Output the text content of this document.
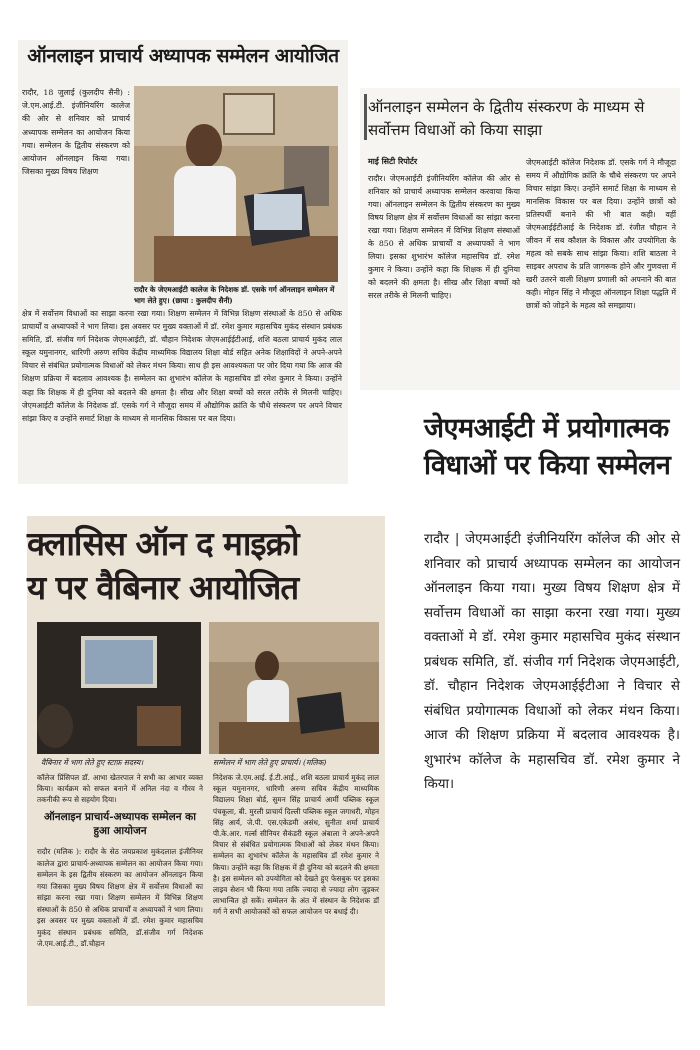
ऑनलाइन प्राचार्य अध्यापक सम्मेलन आयोजित
रादौर, 18 जुलाई (कुलदीप सैनी) : जे.एम.आई.टी. इंजीनियरिंग कालेज की ओर से शनिवार को प्राचार्य अध्यापक सम्मेलन का आयोजन किया गया। सम्मेलन के द्वितीय संस्करण को आयोजन ऑनलाइन किया गया। जिसका मुख्य विषय शिक्षण
रादौर के जेएमआईटी कालेज के निदेशक डॉ. एसके गर्ग ऑनलाइन सम्मेलन में भाग लेते हुए। (छाया : कुलदीप सैनी)
क्षेत्र में सर्वोत्तम विधाओं का साझा करना रखा गया। शिक्षण सम्मेलन में विभिन्न शिक्षण संस्थाओं के 850 से अधिक प्राचार्यों व अध्यापकों ने भाग लिया। इस अवसर पर मुख्य वक्ताओं में डॉ. रमेश कुमार महासचिव मुकंद संस्थान प्रबंधक समिति, डॉ. संजीव गर्ग निदेशक जेएमआईटी, डॉ. चौहान निदेशक जेएमआईईटीआई, शशि बठला प्राचार्य मुकंद लाल स्कूल यमुनानगर, धारिणी अरुण सचिव केंद्रीय माध्यमिक विद्यालय शिक्षा बोर्ड सहित अनेक शिक्षाविदों ने अपने-अपने विचार से संबंधित प्रयोगात्मक विधाओं को लेकर मंथन किया। साथ ही इस आवश्यकता पर जोर दिया गया कि आज की शिक्षण प्रक्रिया में बदलाव आवश्यक है। सम्मेलन का शुभारंभ कॉलेज के महासचिव डॉ रमेश कुमार ने किया। उन्होंने कहा कि शिक्षक में ही दुनिया को बदलने की क्षमता है। सीख और शिक्षा बच्चों को सरल तरीके से मिलनी चाहिए। जेएमआईटी कॉलेज के निदेशक डॉ. एसके गर्ग ने मौजूदा समय में औद्योगिक क्रांति के चौथे संस्करण पर अपने विचार सांझा किए व उन्होंने समार्ट शिक्षा के माध्यम से मानसिक विकास पर बल दिया।
ऑनलाइन सम्मेलन के द्वितीय संस्करण के माध्यम से सर्वोत्तम विधाओं को किया साझा
माई सिटी रिपोर्टर
रादौर। जेएमआईटी इंजीनियरिंग कॉलेज की ओर से शनिवार को प्राचार्य अध्यापक सम्मेलन करवाया किया गया। ऑनलाइन सम्मेलन के द्वितीय संस्करण का मुख्य विषय शिक्षण क्षेत्र में सर्वोत्तम विधाओं का सांझा करना रखा गया। शिक्षण सम्मेलन में विभिन्न शिक्षण संस्थाओं के 850 से अधिक प्राचार्यों व अध्यापकों ने भाग लिया। इसका शुभारंभ कॉलेज महासचिव डॉ. रमेश कुमार ने किया। उन्होंने कहा कि शिक्षक में ही दुनिया को बदलने की क्षमता है। सीख और शिक्षा बच्चों को सरल तरीके से मिलनी चाहिए।
जेएमआईटी कॉलेज निदेशक डॉ. एसके गर्ग ने मौजूदा समय में औद्योगिक क्रांति के चौथे संस्करण पर अपने विचार सांझा किए। उन्होंने समार्ट शिक्षा के माध्यम से मानसिक विकास पर बल दिया। उन्होंने छात्रों को प्रतिस्पर्धी बनाने की भी बात कही। वहीं जेएमआईईटीआई के निदेशक डॉ. रंजीत चौहान ने जीवन में सब कौशल के विकास और उपयोगिता के महत्व को सबके साथ सांझा किया। शशि बाठला ने साइबर अपराध के प्रति जागरूक होने और गुणवत्ता में खरी उतरने वाली शिक्षण प्रणाली को अपनाने की बात कही। मोहन सिंह ने मौजूदा ऑनलाइन शिक्षा पद्धति में छात्रों को जोड़ने के महत्व को समझाया।
जेएमआईटी में प्रयोगात्मक विधाओं पर किया सम्मेलन
रादौर | जेएमआईटी इंजीनियरिंग कॉलेज की ओर से शनिवार को प्राचार्य अध्यापक सम्मेलन का आयोजन ऑनलाइन किया गया। मुख्य विषय शिक्षण क्षेत्र में सर्वोत्तम विधाओं का साझा करना रखा गया। मुख्य वक्ताओं मे डॉ. रमेश कुमार महासचिव मुकंद संस्थान प्रबंधक समिति, डॉ. संजीव गर्ग निदेशक जेएमआईटी, डॉ. चौहान निदेशक जेएमआईईटीआ ने विचार से संबंधित प्रयोगात्मक विधाओं को लेकर मंथन किया। आज की शिक्षण प्रक्रिया में बदलाव आवश्यक है। शुभारंभ कॉलेज के महासचिव डॉ. रमेश कुमार ने किया।
क्लासिस ऑन द माइक्रो
य पर वैबिनार आयोजित
वैबिनार में भाग लेते हुए स्टाफ़ सदस्य।	सम्मेलन में भाग लेते हुए प्राचार्य। (मलिक)
कॉलेज प्रिंसिपल डॉ. आभा खेतरपाल ने सभी का आभार व्यक्त किया। कार्यक्रम को सफल बनाने में अनिल नंदा व गौरव ने तकनीकी रूप से सहयोग दिया।
ऑनलाइन प्राचार्य-अध्यापक सम्मेलन का हुआ आयोजन
रादौर (मलिक ): रादौर के सेठ जयप्रकाश मुकंदलाल इंजीनियर कालेज द्वारा प्राचार्य-अध्यापक सम्मेलन का आयोजन किया गया। सम्मेलन के इस द्वितीय संस्करण का आयोजन ऑनलाइन किया गया जिसका मुख्य विषय शिक्षण क्षेत्र में सर्वोत्तम विधाओं का सांझा करना रखा गया। शिक्षण सम्मेलन में विभिन्न शिक्षण संस्थाओं के 850 से अधिक प्राचार्यों व अध्यापकों ने भाग लिया। इस अवसर पर मुख्य वक्ताओं में डॉ. रमेश कुमार महासचिव मुकंद संस्थान प्रबंधक समिति, डॉ.संजीव गर्ग निदेशक जे.एम.आई.टी., डॉ.चौहान
निदेशक जे.एम.आई. ई.टी.आई., शशि बठला प्राचार्य मुकंद लाल स्कूल यमुनानगर, धारिणी अरुण सचिव केंद्रीय माध्यमिक विद्यालय शिक्षा बोर्ड, सुमन सिंह प्राचार्य आर्मी पब्लिक स्कूल पंचकूला, बी. मुरली प्राचार्य दिल्ली पब्लिक स्कूल जगाधरी, मोहन सिंह आर्य, जे.पी. एस.एकेडमी असंध, सुनीता शर्मा प्राचार्य पी.के.आर. गर्ल्स सीनियर सैकंडरी स्कूल अंबाला ने अपने-अपने विचार से संबंधित प्रयोगात्मक विधाओं को लेकर मंथन किया। सम्मेलन का शुभारंभ कॉलेज के महासचिव डॉ रमेश कुमार ने किया। उन्होंने कहा कि शिक्षक में ही दुनिया को बदलने की क्षमता है। इस सम्मेलन को उपयोगिता को देखते हुए फेसबुक पर इसका लाइव सेशन भी किया गया ताकि ज्यादा से ज्यादा लोग जुड़कर लाभान्वित हो सकें। सम्मेलन के अंत में संस्थान के निदेशक डॉ गर्ग ने सभी आयोजकों को सफल आयोजन पर बधाई दी।
